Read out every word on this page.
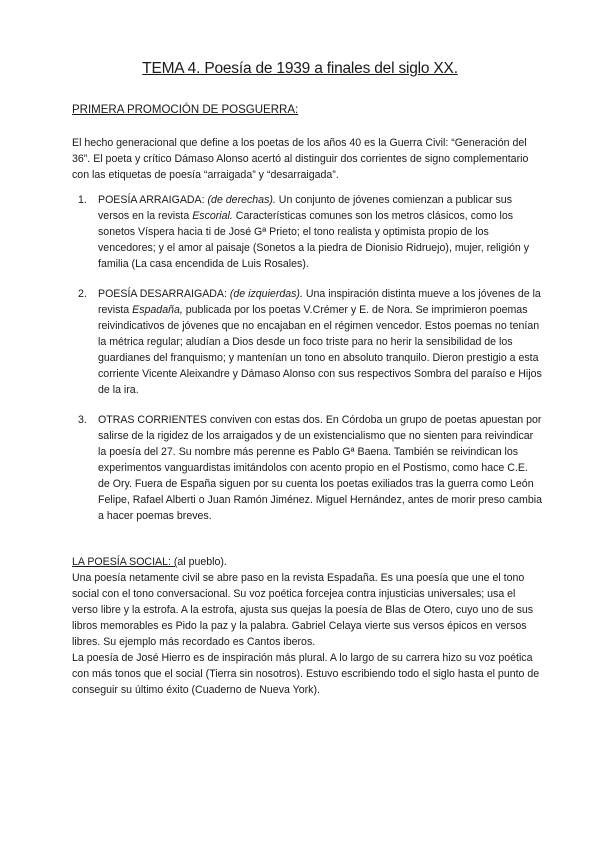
TEMA 4. Poesía de 1939 a finales del siglo XX.
PRIMERA PROMOCIÓN DE POSGUERRA:

El hecho generacional que define a los poetas de los años 40 es la Guerra Civil: “Generación del 36”. El poeta y crítico Dámaso Alonso acertó al distinguir dos corrientes de signo complementario con las etiquetas de poesía “arraigada” y “desarraigada”.

1. POESÍA ARRAIGADA: (de derechas). Un conjunto de jóvenes comienzan a publicar sus versos en la revista Escorial. Características comunes son los metros clásicos, como los sonetos Víspera hacia ti de José Gª Prieto; el tono realista y optimista propio de los vencedores; y el amor al paisaje (Sonetos a la piedra de Dionisio Ridruejo), mujer, religión y familia (La casa encendida de Luis Rosales).
2. POESÍA DESARRAIGADA: (de izquierdas). Una inspiración distinta mueve a los jóvenes de la revista Espadaña, publicada por los poetas V.Crémer y E. de Nora. Se imprimieron poemas reivindicativos de jóvenes que no encajaban en el régimen vencedor. Estos poemas no tenían la métrica regular; aludían a Dios desde un foco triste para no herir la sensibilidad de los guardianes del franquismo; y mantenían un tono en absoluto tranquilo. Dieron prestigio a esta corriente Vicente Aleixandre y Dámaso Alonso con sus respectivos Sombra del paraíso e Hijos de la ira.
3. OTRAS CORRIENTES conviven con estas dos. En Córdoba un grupo de poetas apuestan por salirse de la rigidez de los arraigados y de un existencialismo que no sienten para reivindicar la poesía del 27. Su nombre más perenne es Pablo Gª Baena. También se reivindican los experimentos vanguardistas imitándolos con acento propio en el Postismo, como hace C.E. de Ory. Fuera de España siguen por su cuenta los poetas exiliados tras la guerra como León Felipe, Rafael Alberti o Juan Ramón Jiménez. Miguel Hernández, antes de morir preso cambia a hacer poemas breves.

LA POESÍA SOCIAL: (al pueblo).

Una poesía netamente civil se abre paso en la revista Espadaña. Es una poesía que une el tono social con el tono conversacional. Su voz poética forcejea contra injusticias universales; usa el verso libre y la estrofa. A la estrofa, ajusta sus quejas la poesía de Blas de Otero, cuyo uno de sus libros memorables es Pido la paz y la palabra. Gabriel Celaya vierte sus versos épicos en versos libres. Su ejemplo más recordado es Cantos iberos.

La poesía de José Hierro es de inspiración más plural. A lo largo de su carrera hizo su voz poética con más tonos que el social (Tierra sin nosotros). Estuvo escribiendo todo el siglo hasta el punto de conseguir su último éxito (Cuaderno de Nueva York).
